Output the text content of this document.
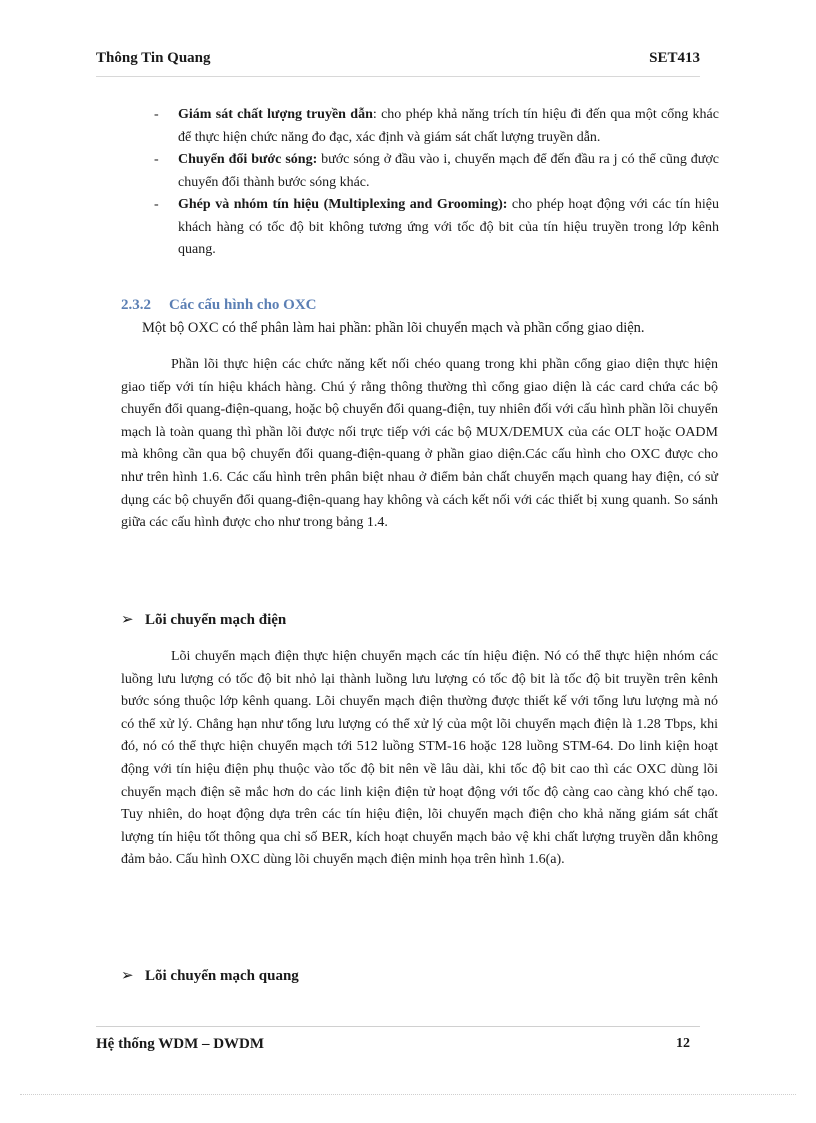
Thông Tin Quang	SET413
- Giám sát chất lượng truyền dẫn: cho phép khả năng trích tín hiệu đi đến qua một cổng khác để thực hiện chức năng đo đạc, xác định và giám sát chất lượng truyền dẫn.
- Chuyển đổi bước sóng: bước sóng ở đầu vào i, chuyển mạch để đến đầu ra j có thể cũng được chuyển đổi thành bước sóng khác.
- Ghép và nhóm tín hiệu (Multiplexing and Grooming): cho phép hoạt động với các tín hiệu khách hàng có tốc độ bit không tương ứng với tốc độ bit của tín hiệu truyền trong lớp kênh quang.
2.3.2 Các cấu hình cho OXC
Một bộ OXC có thể phân làm hai phần: phần lõi chuyển mạch và phần cổng giao diện.
Phần lõi thực hiện các chức năng kết nối chéo quang trong khi phần cổng giao diện thực hiện giao tiếp với tín hiệu khách hàng. Chú ý rằng thông thường thì cổng giao diện là các card chứa các bộ chuyển đổi quang-điện-quang, hoặc bộ chuyển đổi quang-điện, tuy nhiên đối với cấu hình phần lõi chuyển mạch là toàn quang thì phần lõi được nối trực tiếp với các bộ MUX/DEMUX của các OLT hoặc OADM mà không cần qua bộ chuyển đổi quang-điện-quang ở phần giao diện.Các cấu hình cho OXC được cho như trên hình 1.6. Các cấu hình trên phân biệt nhau ở điểm bản chất chuyển mạch quang hay điện, có sử dụng các bộ chuyển đổi quang-điện-quang hay không và cách kết nối với các thiết bị xung quanh. So sánh giữa các cấu hình được cho như trong bảng 1.4.
➢ Lõi chuyển mạch điện
Lõi chuyển mạch điện thực hiện chuyển mạch các tín hiệu điện. Nó có thể thực hiện nhóm các luồng lưu lượng có tốc độ bit nhỏ lại thành luồng lưu lượng có tốc độ bit là tốc độ bit truyền trên kênh bước sóng thuộc lớp kênh quang. Lõi chuyển mạch điện thường được thiết kế với tổng lưu lượng mà nó có thể xử lý. Chẳng hạn như tổng lưu lượng có thể xử lý của một lõi chuyển mạch điện là 1.28 Tbps, khi đó, nó có thể thực hiện chuyển mạch tới 512 luồng STM-16 hoặc 128 luồng STM-64. Do linh kiện hoạt động với tín hiệu điện phụ thuộc vào tốc độ bit nên về lâu dài, khi tốc độ bit cao thì các OXC dùng lõi chuyển mạch điện sẽ mắc hơn do các linh kiện điện tử hoạt động với tốc độ càng cao càng khó chế tạo. Tuy nhiên, do hoạt động dựa trên các tín hiệu điện, lõi chuyển mạch điện cho khả năng giám sát chất lượng tín hiệu tốt thông qua chỉ số BER, kích hoạt chuyển mạch bảo vệ khi chất lượng truyền dẫn không đảm bảo. Cấu hình OXC dùng lõi chuyển mạch điện minh họa trên hình 1.6(a).
➢ Lõi chuyển mạch quang
Hệ thống WDM – DWDM	12
